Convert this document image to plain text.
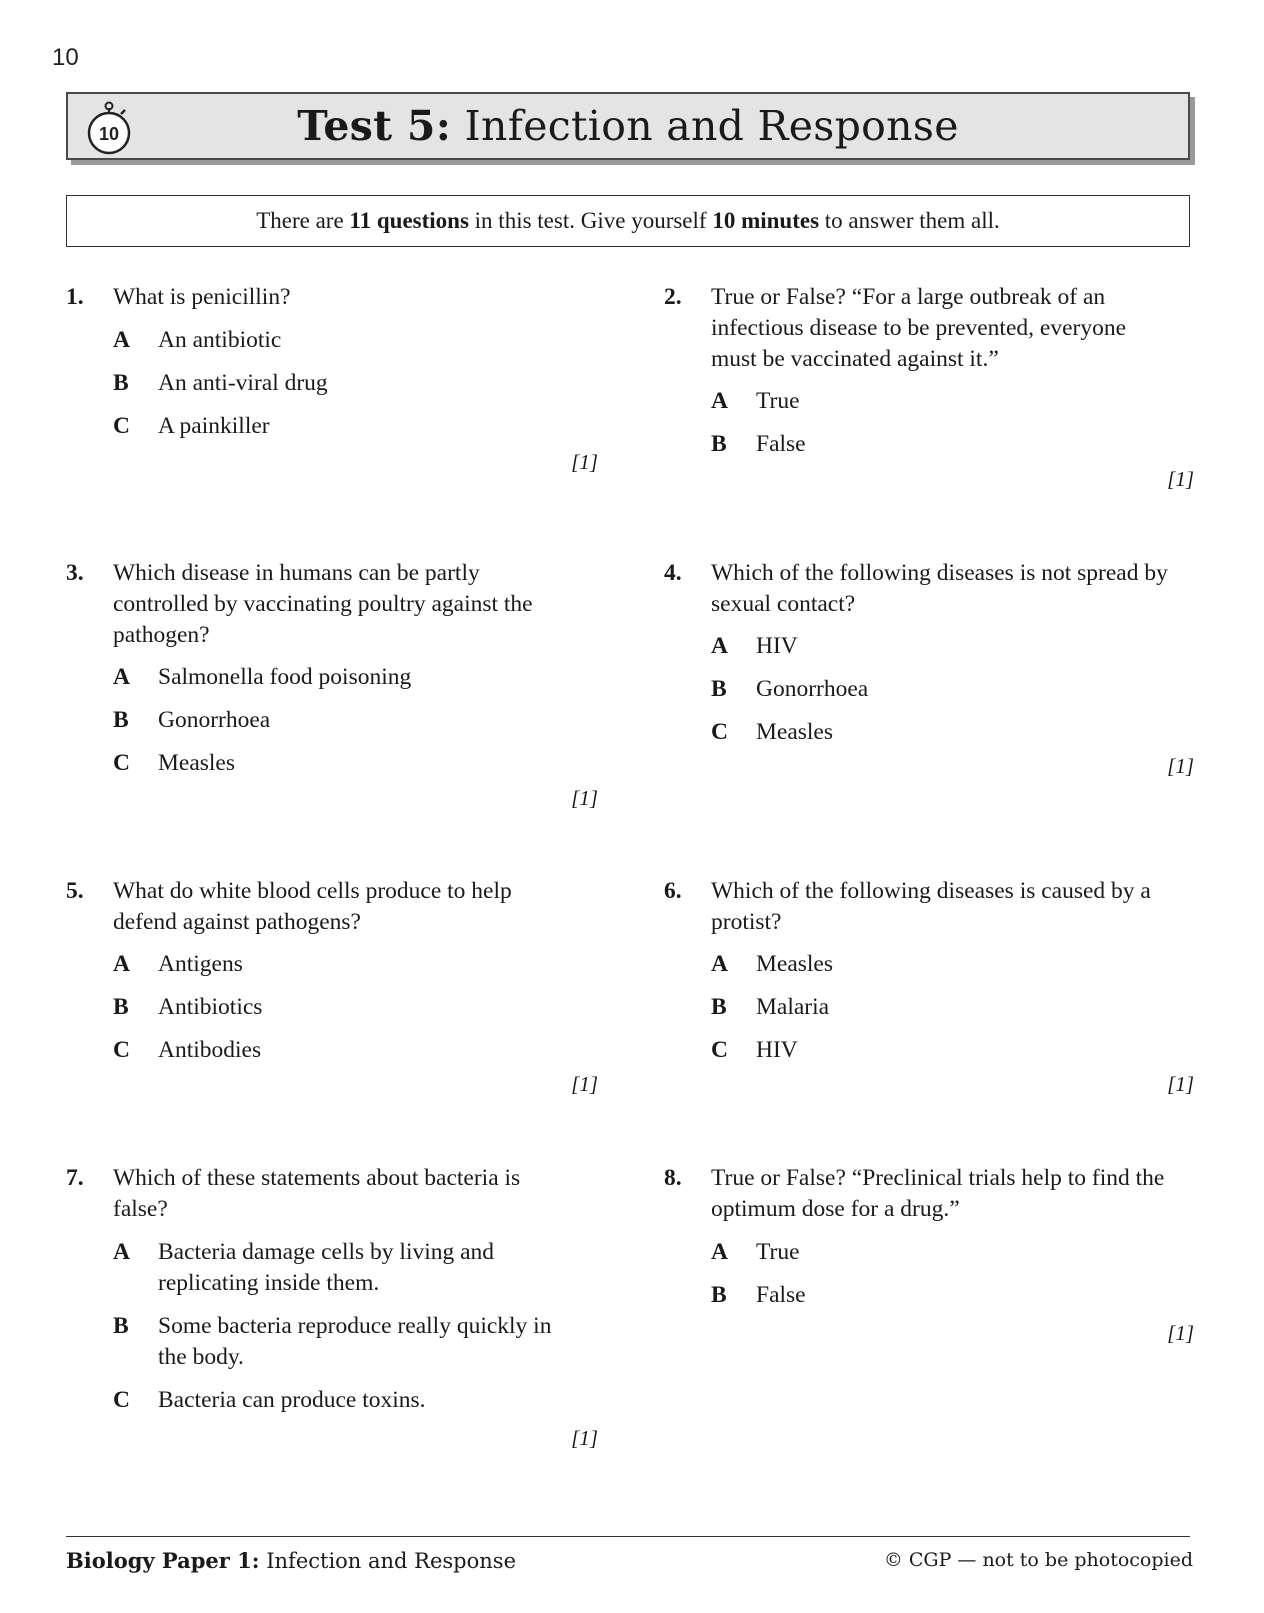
10
10	Test 5: Infection and Response
There are 11 questions in this test. Give yourself 10 minutes to answer them all.
1. What is penicillin?
A An antibiotic
B An anti-viral drug
C A painkiller
[1]
2. True or False? “For a large outbreak of an infectious disease to be prevented, everyone must be vaccinated against it.”
A True
B False
[1]
3. Which disease in humans can be partly controlled by vaccinating poultry against the pathogen?
A Salmonella food poisoning
B Gonorrhoea
C Measles
[1]
4. Which of the following diseases is not spread by sexual contact?
A HIV
B Gonorrhoea
C Measles
[1]
5. What do white blood cells produce to help defend against pathogens?
A Antigens
B Antibiotics
C Antibodies
[1]
6. Which of the following diseases is caused by a protist?
A Measles
B Malaria
C HIV
[1]
7. Which of these statements about bacteria is false?
A Bacteria damage cells by living and replicating inside them.
B Some bacteria reproduce really quickly in the body.
C Bacteria can produce toxins.
[1]
8. True or False? “Preclinical trials help to find the optimum dose for a drug.”
A True
B False
[1]
Biology Paper 1: Infection and Response	© CGP — not to be photocopied
